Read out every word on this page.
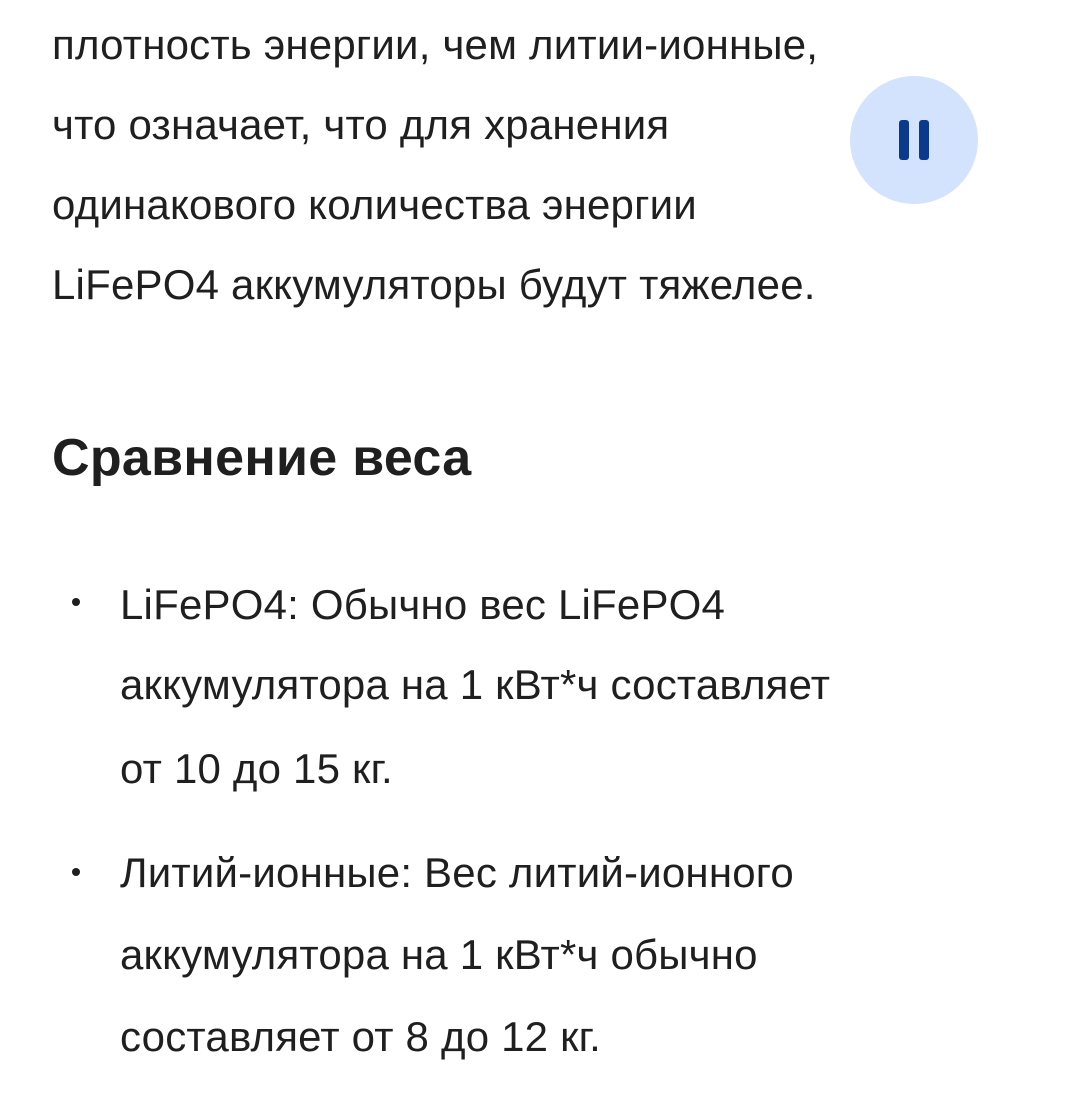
плотность энергии, чем литии-ионные,
что означает, что для хранения
одинакового количества энергии
LiFePO4 аккумуляторы будут тяжелее.
Сравнение веса
LiFePO4: Обычно вес LiFePO4
аккумулятора на 1 кВт*ч составляет
от 10 до 15 кг.
Литий-ионные: Вес литий-ионного
аккумулятора на 1 кВт*ч обычно
составляет от 8 до 12 кг.
